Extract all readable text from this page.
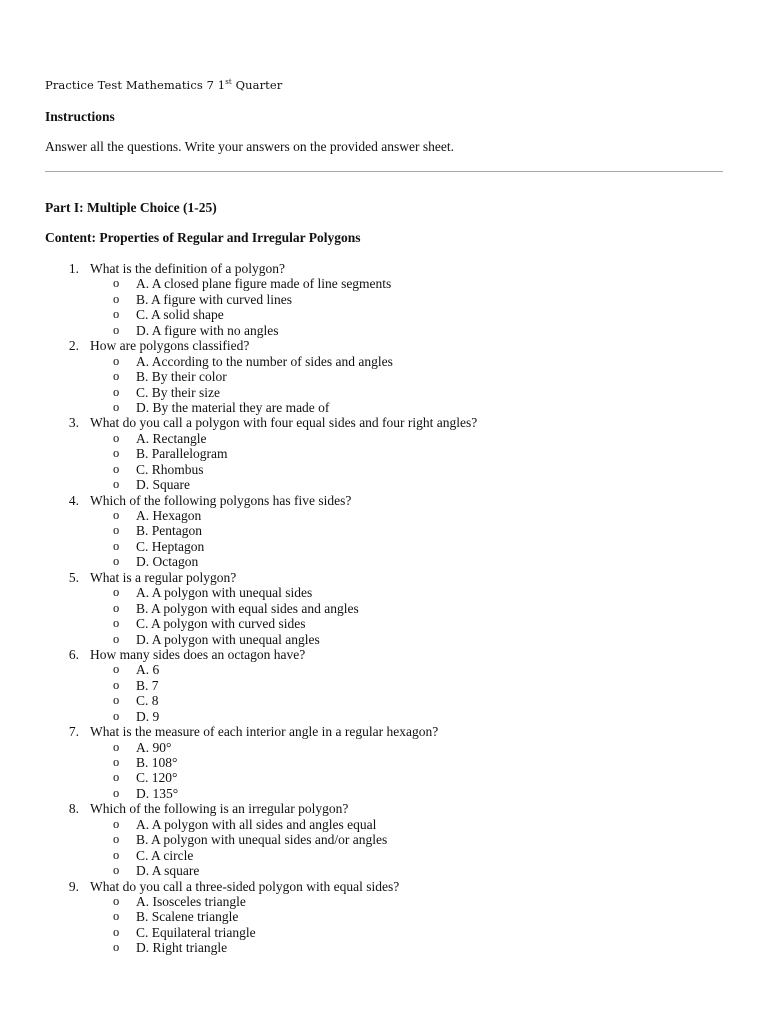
Practice Test Mathematics 7 1st Quarter
Instructions
Answer all the questions. Write your answers on the provided answer sheet.
Part I: Multiple Choice (1-25)
Content: Properties of Regular and Irregular Polygons
1. What is the definition of a polygon?
o A. A closed plane figure made of line segments
o B. A figure with curved lines
o C. A solid shape
o D. A figure with no angles
2. How are polygons classified?
o A. According to the number of sides and angles
o B. By their color
o C. By their size
o D. By the material they are made of
3. What do you call a polygon with four equal sides and four right angles?
o A. Rectangle
o B. Parallelogram
o C. Rhombus
o D. Square
4. Which of the following polygons has five sides?
o A. Hexagon
o B. Pentagon
o C. Heptagon
o D. Octagon
5. What is a regular polygon?
o A. A polygon with unequal sides
o B. A polygon with equal sides and angles
o C. A polygon with curved sides
o D. A polygon with unequal angles
6. How many sides does an octagon have?
o A. 6
o B. 7
o C. 8
o D. 9
7. What is the measure of each interior angle in a regular hexagon?
o A. 90°
o B. 108°
o C. 120°
o D. 135°
8. Which of the following is an irregular polygon?
o A. A polygon with all sides and angles equal
o B. A polygon with unequal sides and/or angles
o C. A circle
o D. A square
9. What do you call a three-sided polygon with equal sides?
o A. Isosceles triangle
o B. Scalene triangle
o C. Equilateral triangle
o D. Right triangle
